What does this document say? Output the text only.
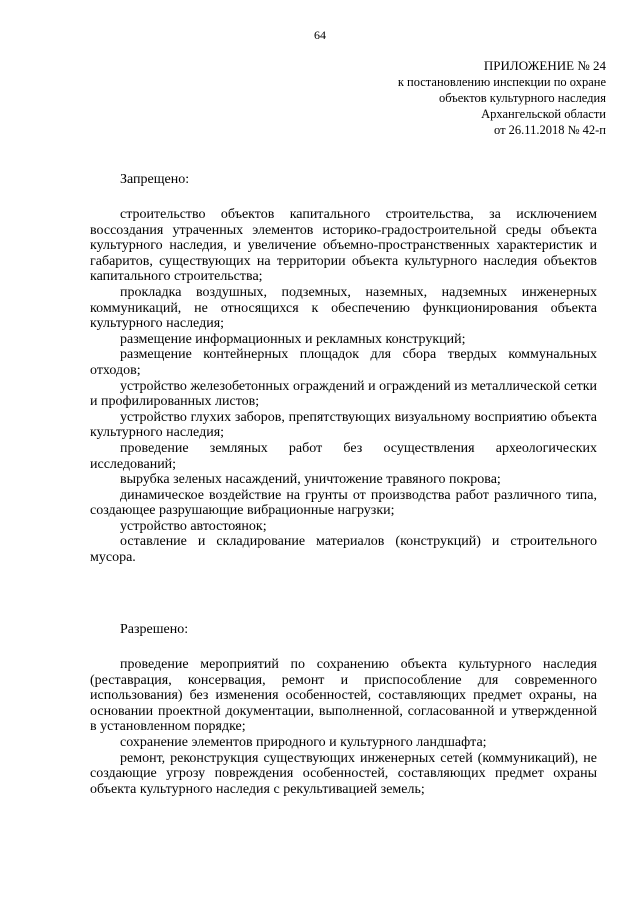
64
ПРИЛОЖЕНИЕ № 24
к постановлению инспекции по охране
объектов культурного наследия
Архангельской области
от 26.11.2018 № 42-п
Запрещено:

строительство объектов капитального строительства, за исключением воссоздания утраченных элементов историко-градостроительной среды объекта культурного наследия, и увеличение объемно-пространственных характеристик и габаритов, существующих на территории объекта культурного наследия объектов капитального строительства;

прокладка воздушных, подземных, наземных, надземных инженерных коммуникаций, не относящихся к обеспечению функционирования объекта культурного наследия;

размещение информационных и рекламных конструкций;

размещение контейнерных площадок для сбора твердых коммунальных отходов;

устройство железобетонных ограждений и ограждений из металлической сетки и профилированных листов;

устройство глухих заборов, препятствующих визуальному восприятию объекта культурного наследия;

проведение земляных работ без осуществления археологических исследований;

вырубка зеленых насаждений, уничтожение травяного покрова;

динамическое воздействие на грунты от производства работ различного типа, создающее разрушающие вибрационные нагрузки;

устройство автостоянок;

оставление и складирование материалов (конструкций) и строительного мусора.

Разрешено:

проведение мероприятий по сохранению объекта культурного наследия (реставрация, консервация, ремонт и приспособление для современного использования) без изменения особенностей, составляющих предмет охраны, на основании проектной документации, выполненной, согласованной и утвержденной в установленном порядке;

сохранение элементов природного и культурного ландшафта;

ремонт, реконструкция существующих инженерных сетей (коммуникаций), не создающие угрозу повреждения особенностей, составляющих предмет охраны объекта культурного наследия с рекультивацией земель;
